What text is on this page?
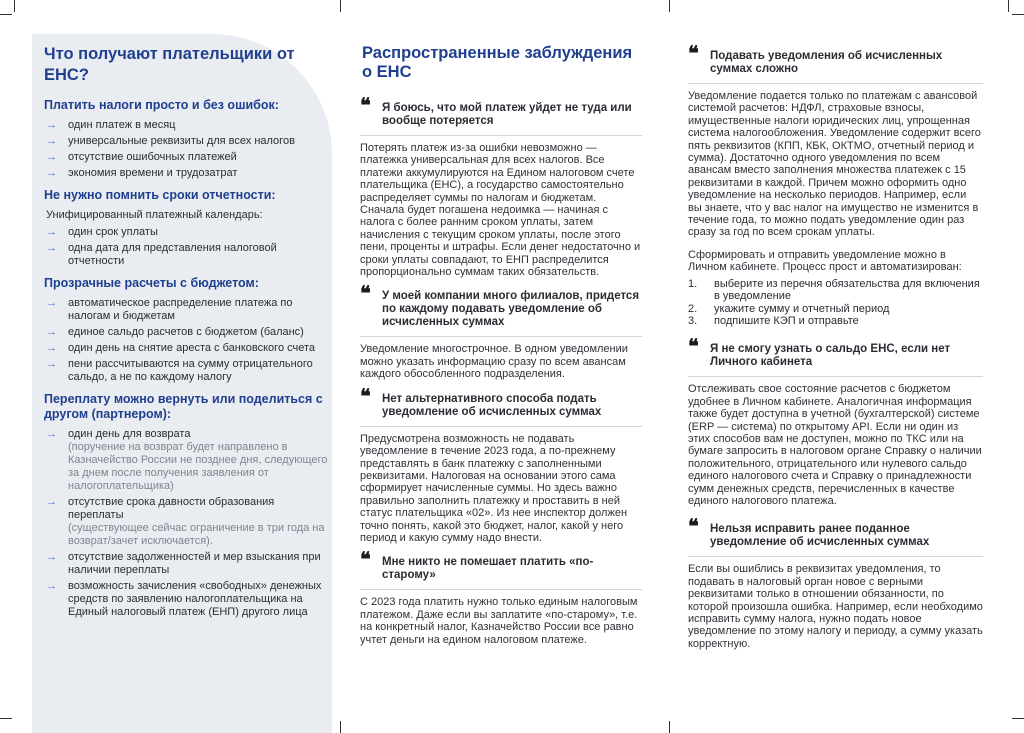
Что получают плательщики от ЕНС?
Платить налоги просто и без ошибок:
→ один платеж в месяц
→ универсальные реквизиты для всех налогов
→ отсутствие ошибочных платежей
→ экономия времени и трудозатрат
Не нужно помнить сроки отчетности:
Унифицированный платежный календарь:
→ один срок уплаты
→ одна дата для представления налоговой отчетности
Прозрачные расчеты с бюджетом:
→ автоматическое распределение платежа по налогам и бюджетам
→ единое сальдо расчетов с бюджетом (баланс)
→ один день на снятие ареста с банковского счета
→ пени рассчитываются на сумму отрицательного сальдо, а не по каждому налогу
Переплату можно вернуть или поделиться с другом (партнером):
→ один день для возврата
(поручение на возврат будет направлено в Казначейство России не позднее дня, следующего за днем после получения заявления от налогоплательщика)
→ отсутствие срока давности образования переплаты
(существующее сейчас ограничение в три года на возврат/зачет исключается).
→ отсутствие задолженностей и мер взыскания при наличии переплаты
→ возможность зачисления «свободных» денежных средств по заявлению налогоплательщика на Единый налоговый платеж (ЕНП) другого лица
Распространенные заблуждения о ЕНС
❝ Я боюсь, что мой платеж уйдет не туда или вообще потеряется
Потерять платеж из-за ошибки невозможно — платежка универсальная для всех налогов. Все платежи аккумулируются на Едином налоговом счете плательщика (ЕНС), а государство самостоятельно распределяет суммы по налогам и бюджетам. Сначала будет погашена недоимка — начиная с налога с более ранним сроком уплаты, затем начисления с текущим сроком уплаты, после этого пени, проценты и штрафы. Если денег недостаточно и сроки уплаты совпадают, то ЕНП распределится пропорционально суммам таких обязательств.
❝ У моей компании много филиалов, придется по каждому подавать уведомление об исчисленных суммах
Уведомление многострочное. В одном уведомлении можно указать информацию сразу по всем авансам каждого обособленного подразделения.
❝ Нет альтернативного способа подать уведомление об исчисленных суммах
Предусмотрена возможность не подавать уведомление в течение 2023 года, а по-прежнему представлять в банк платежку с заполненными реквизитами. Налоговая на основании этого сама сформирует начисленные суммы. Но здесь важно правильно заполнить платежку и проставить в ней статус плательщика «02». Из нее инспектор должен точно понять, какой это бюджет, налог, какой у него период и какую сумму надо внести.
❝ Мне никто не помешает платить «по-старому»
С 2023 года платить нужно только единым налоговым платежом. Даже если вы заплатите «по-старому», т.е. на конкретный налог, Казначейство России все равно учтет деньги на едином налоговом платеже.
❝ Подавать уведомления об исчисленных суммах сложно
Уведомление подается только по платежам с авансовой системой расчетов: НДФЛ, страховые взносы, имущественные налоги юридических лиц, упрощенная система налогообложения. Уведомление содержит всего пять реквизитов (КПП, КБК, ОКТМО, отчетный период и сумма). Достаточно одного уведомления по всем авансам вместо заполнения множества платежек с 15 реквизитами в каждой. Причем можно оформить одно уведомление на несколько периодов. Например, если вы знаете, что у вас налог на имущество не изменится в течение года, то можно подать уведомление один раз сразу за год по всем срокам уплаты.
Сформировать и отправить уведомление можно в Личном кабинете. Процесс прост и автоматизирован:
1. выберите из перечня обязательства для включения в уведомление
2. укажите сумму и отчетный период
3. подпишите КЭП и отправьте
❝ Я не смогу узнать о сальдо ЕНС, если нет Личного кабинета
Отслеживать свое состояние расчетов с бюджетом удобнее в Личном кабинете. Аналогичная информация также будет доступна в учетной (бухгалтерской) системе (ERP — система) по открытому API. Если ни один из этих способов вам не доступен, можно по ТКС или на бумаге запросить в налоговом органе Справку о наличии положительного, отрицательного или нулевого сальдо единого налогового счета и Справку о принадлежности сумм денежных средств, перечисленных в качестве единого налогового платежа.
❝ Нельзя исправить ранее поданное уведомление об исчисленных суммах
Если вы ошиблись в реквизитах уведомления, то подавать в налоговый орган новое с верными реквизитами только в отношении обязанности, по которой произошла ошибка. Например, если необходимо исправить сумму налога, нужно подать новое уведомление по этому налогу и периоду, а сумму указать корректную.
